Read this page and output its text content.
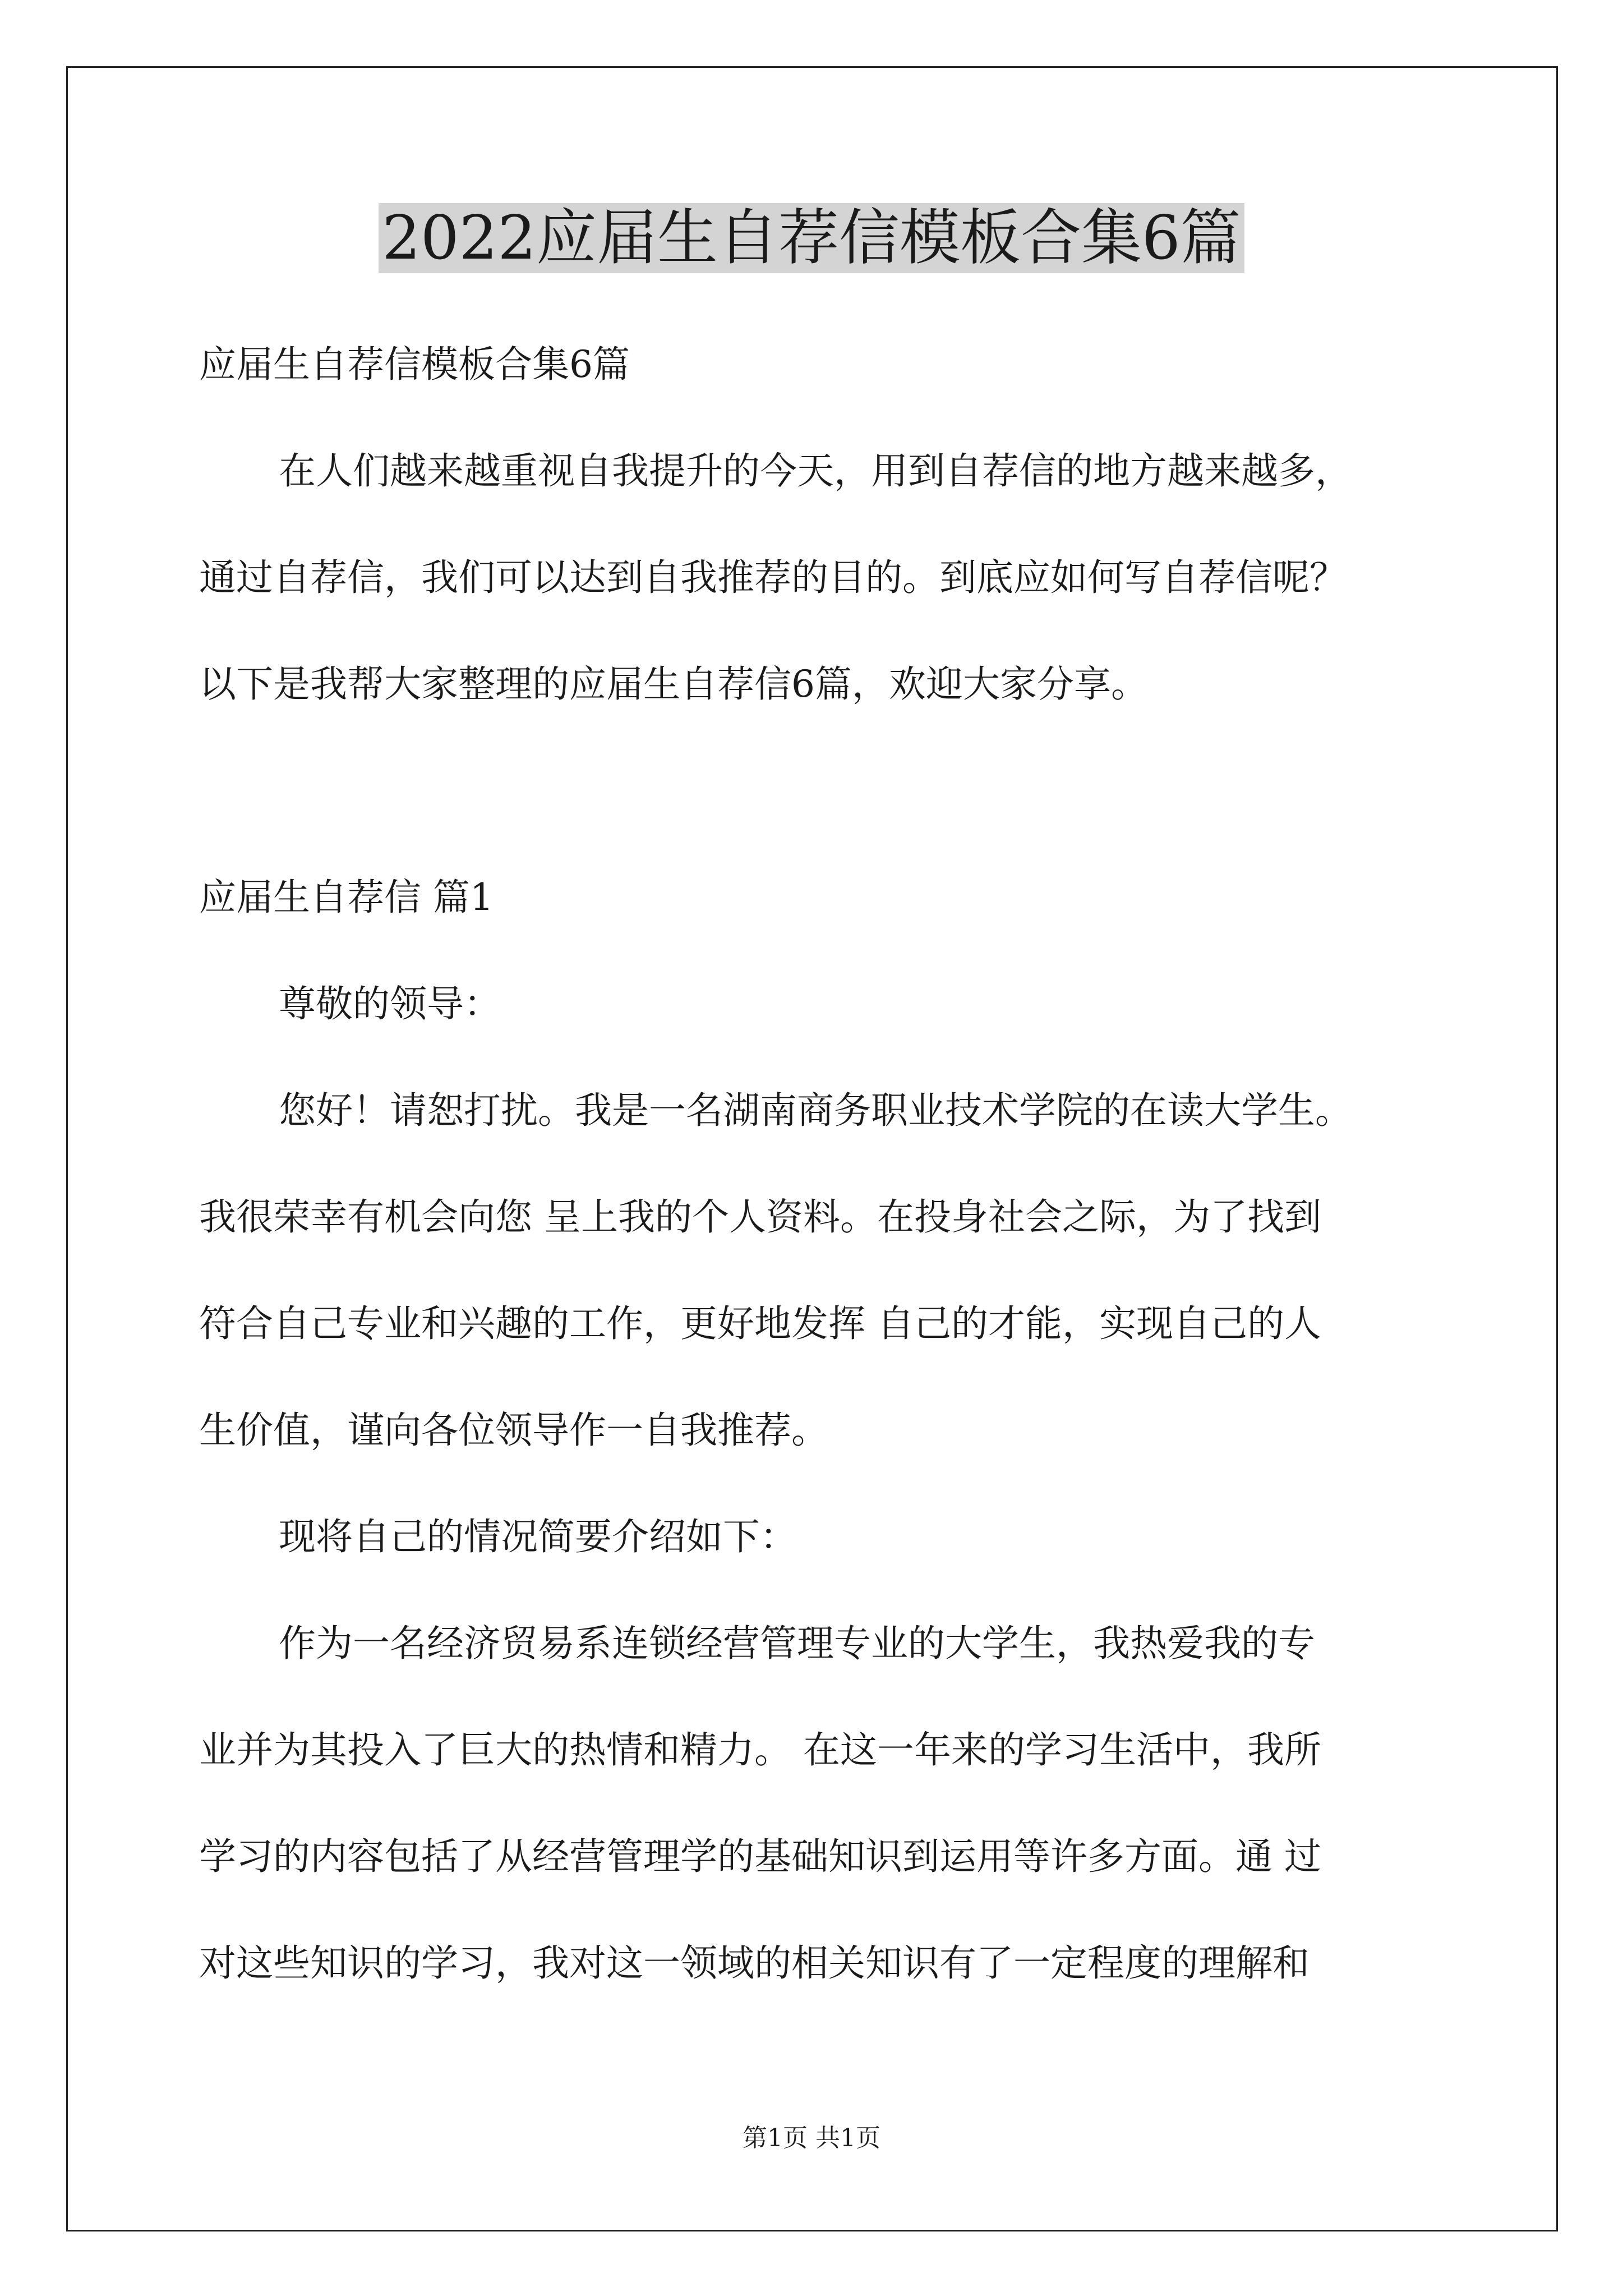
2022应届生自荐信模板合集6篇

应届生自荐信模板合集6篇

在人们越来越重视自我提升的今天，用到自荐信的地方越来越多，

通过自荐信，我们可以达到自我推荐的目的。到底应如何写自荐信呢？

以下是我帮大家整理的应届生自荐信6篇，欢迎大家分享。

应届生自荐信 篇1

尊敬的领导：

您好！请恕打扰。我是一名湖南商务职业技术学院的在读大学生。

我很荣幸有机会向您 呈上我的个人资料。在投身社会之际，为了找到

符合自己专业和兴趣的工作，更好地发挥 自己的才能，实现自己的人

生价值，谨向各位领导作一自我推荐。

现将自己的情况简要介绍如下：

作为一名经济贸易系连锁经营管理专业的大学生，我热爱我的专

业并为其投入了巨大的热情和精力。 在这一年来的学习生活中，我所

学习的内容包括了从经营管理学的基础知识到运用等许多方面。通 过

对这些知识的学习，我对这一领域的相关知识有了一定程度的理解和

第1页 共1页
